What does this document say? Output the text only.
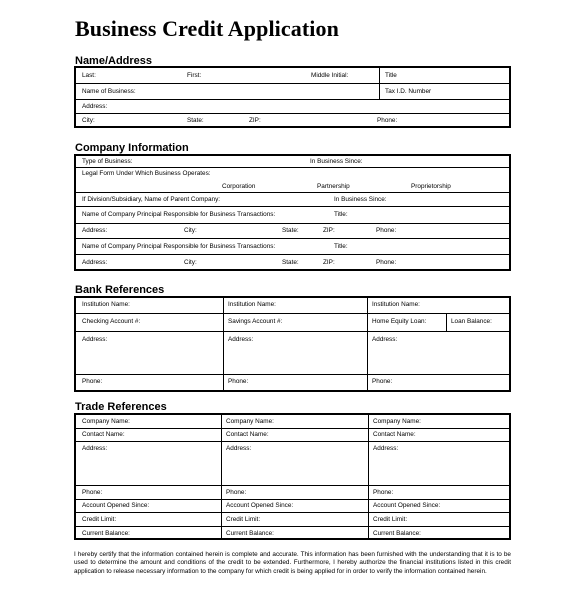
Business Credit Application
Name/Address
Last:	First:	Middle Initial:	Title
Name of Business:	Tax I.D. Number
Address:
City:	State:	ZIP:	Phone:
Company Information
Type of Business:	In Business Since:
Legal Form Under Which Business Operates:
Corporation	Partnership	Proprietorship
If Division/Subsidiary, Name of Parent Company:	In Business Since:
Name of Company Principal Responsible for Business Transactions:	Title:
Address:	City:	State:	ZIP:	Phone:
Name of Company Principal Responsible for Business Transactions:	Title:
Address:	City:	State:	ZIP:	Phone:
Bank References
Institution Name:	Institution Name:	Institution Name:
Checking Account #:	Savings Account #:	Home Equity Loan:	Loan Balance:
Address:	Address:	Address:
Phone:	Phone:	Phone:
Trade References
Company Name:	Company Name:	Company Name:
Contact Name:	Contact Name:	Contact Name:
Address:	Address:	Address:
Phone:	Phone:	Phone:
Account Opened Since:	Account Opened Since:	Account Opened Since:
Credit Limit:	Credit Limit:	Credit Limit:
Current Balance:	Current Balance:	Current Balance:
I hereby certify that the information contained herein is complete and accurate. This information has been furnished with the understanding that it is to be used to determine the amount and conditions of the credit to be extended. Furthermore, I hereby authorize the financial institutions listed in this credit application to release necessary information to the company for which credit is being applied for in order to verify the information contained herein.
